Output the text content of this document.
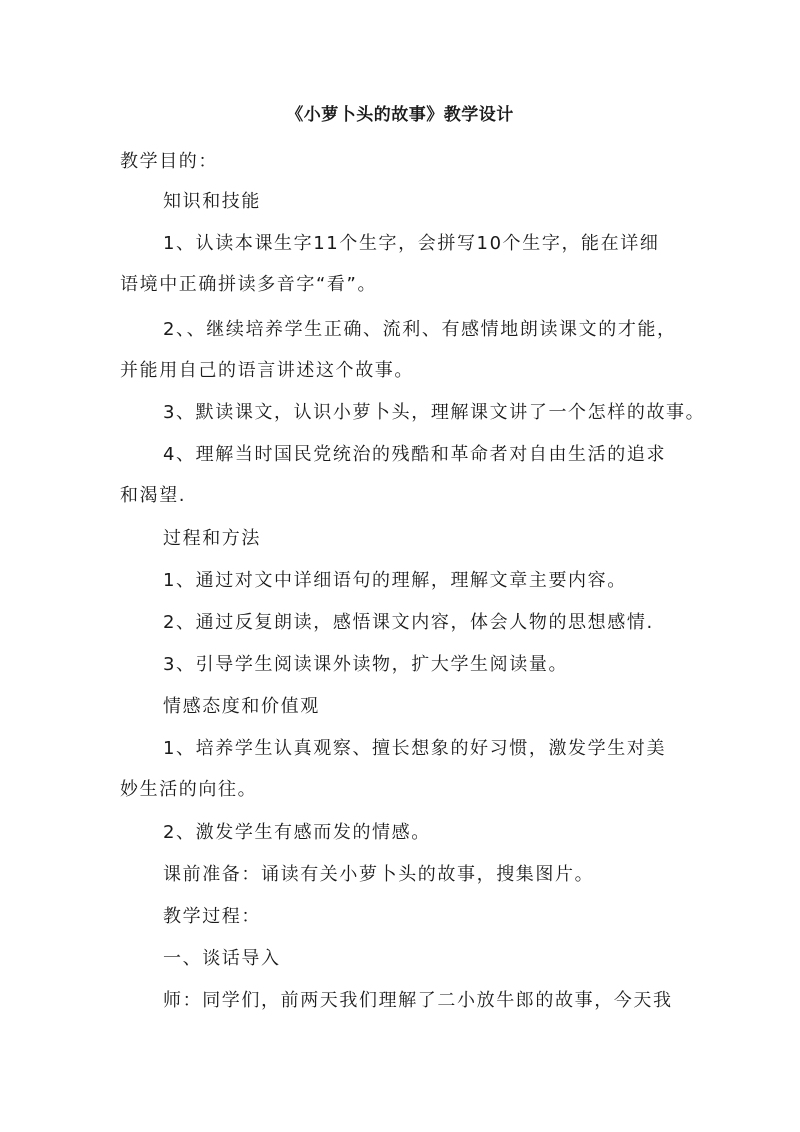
《小萝卜头的故事》教学设计
教学目的：
知识和技能
1、认读本课生字11个生字，会拼写10个生字，能在详细
语境中正确拼读多音字“看”。
2、、继续培养学生正确、流利、有感情地朗读课文的才能，
并能用自己的语言讲述这个故事。
3、默读课文，认识小萝卜头，理解课文讲了一个怎样的故事。
4、理解当时国民党统治的残酷和革命者对自由生活的追求
和渴望.
过程和方法
1、通过对文中详细语句的理解，理解文章主要内容。
2、通过反复朗读，感悟课文内容，体会人物的思想感情.
3、引导学生阅读课外读物，扩大学生阅读量。
情感态度和价值观
1、培养学生认真观察、擅长想象的好习惯，激发学生对美
妙生活的向往。
2、激发学生有感而发的情感。
课前准备：诵读有关小萝卜头的故事，搜集图片。
教学过程：
一、谈话导入
师：同学们，前两天我们理解了二小放牛郎的故事，今天我
